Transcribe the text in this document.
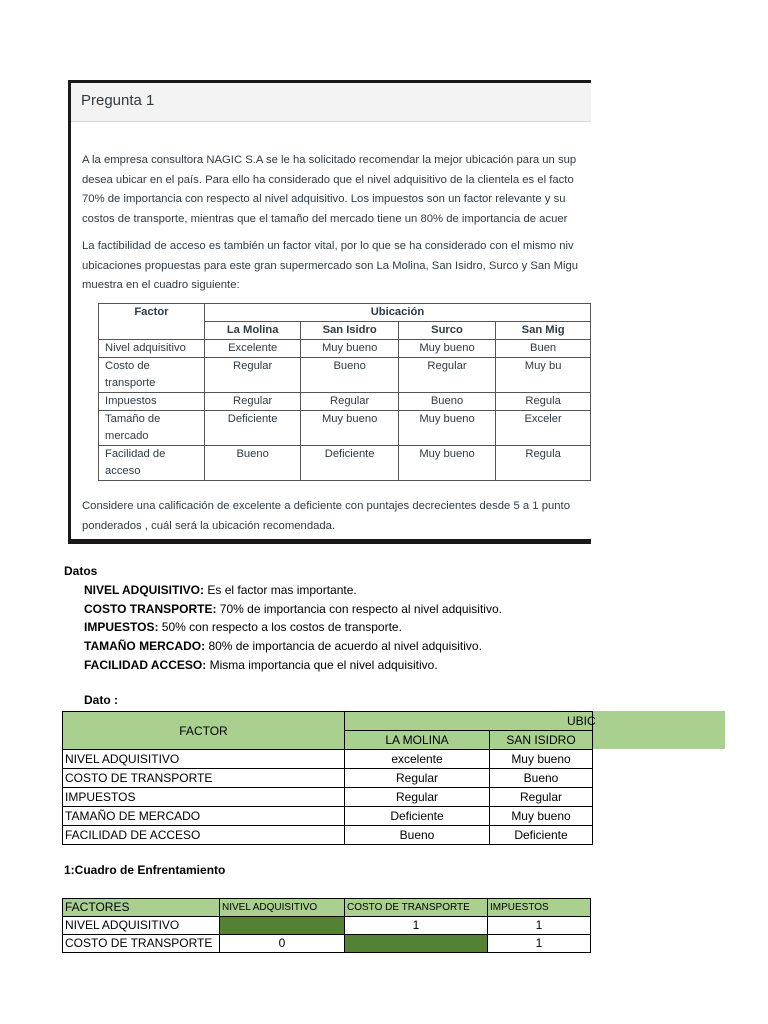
Pregunta 1
A la empresa consultora NAGIC S.A se le ha solicitado recomendar la mejor ubicación para un sup
desea ubicar en el país. Para ello ha considerado que el nivel adquisitivo de la clientela es el facto
70% de importancia con respecto al nivel adquisitivo. Los impuestos son un factor relevante y su
costos de transporte, mientras que el tamaño del mercado tiene un 80% de importancia de acuer
La factibilidad de acceso es también un factor vital, por lo que se ha considerado con el mismo niv
ubicaciones propuestas para este gran supermercado son La Molina, San Isidro, Surco y San Migu
muestra en el cuadro siguiente:
Factor	Ubicación			
	La Molina	San Isidro	Surco	San Mig
Nivel adquisitivo	Excelente	Muy bueno	Muy bueno	Buen

Costo de
transporte	Regular	Bueno	Regular	Muy bu
Impuestos	Regular	Regular	Bueno	Regula

Tamaño de
mercado	Deficiente	Muy bueno	Muy bueno	Exceler

Facilidad de
acceso	Bueno	Deficiente	Muy bueno	Regula
Considere una calificación de excelente a deficiente con puntajes decrecientes desde 5 a 1 punto
ponderados , cuál será la ubicación recomendada.
Datos
NIVEL ADQUISITIVO: Es el factor mas importante.
COSTO TRANSPORTE: 70% de importancia con respecto al nivel adquisitivo.
IMPUESTOS: 50% con respecto a los costos de transporte.
TAMAÑO MERCADO: 80% de importancia de acuerdo al nivel adquisitivo.
FACILIDAD ACCESO: Misma importancia que el nivel adquisitivo.
Dato :
FACTOR		
	LA MOLINA	SAN ISIDRO
NIVEL ADQUISITIVO	excelente	Muy bueno
COSTO DE TRANSPORTE	Regular	Bueno
IMPUESTOS	Regular	Regular
TAMAÑO DE MERCADO	Deficiente	Muy bueno
FACILIDAD DE ACCESO	Bueno	Deficiente
UBIC
1:Cuadro de Enfrentamiento
FACTORES	NIVEL ADQUISITIVO	COSTO DE TRANSPORTE	IMPUESTOS
NIVEL ADQUISITIVO		1	1
COSTO DE TRANSPORTE	0		1
